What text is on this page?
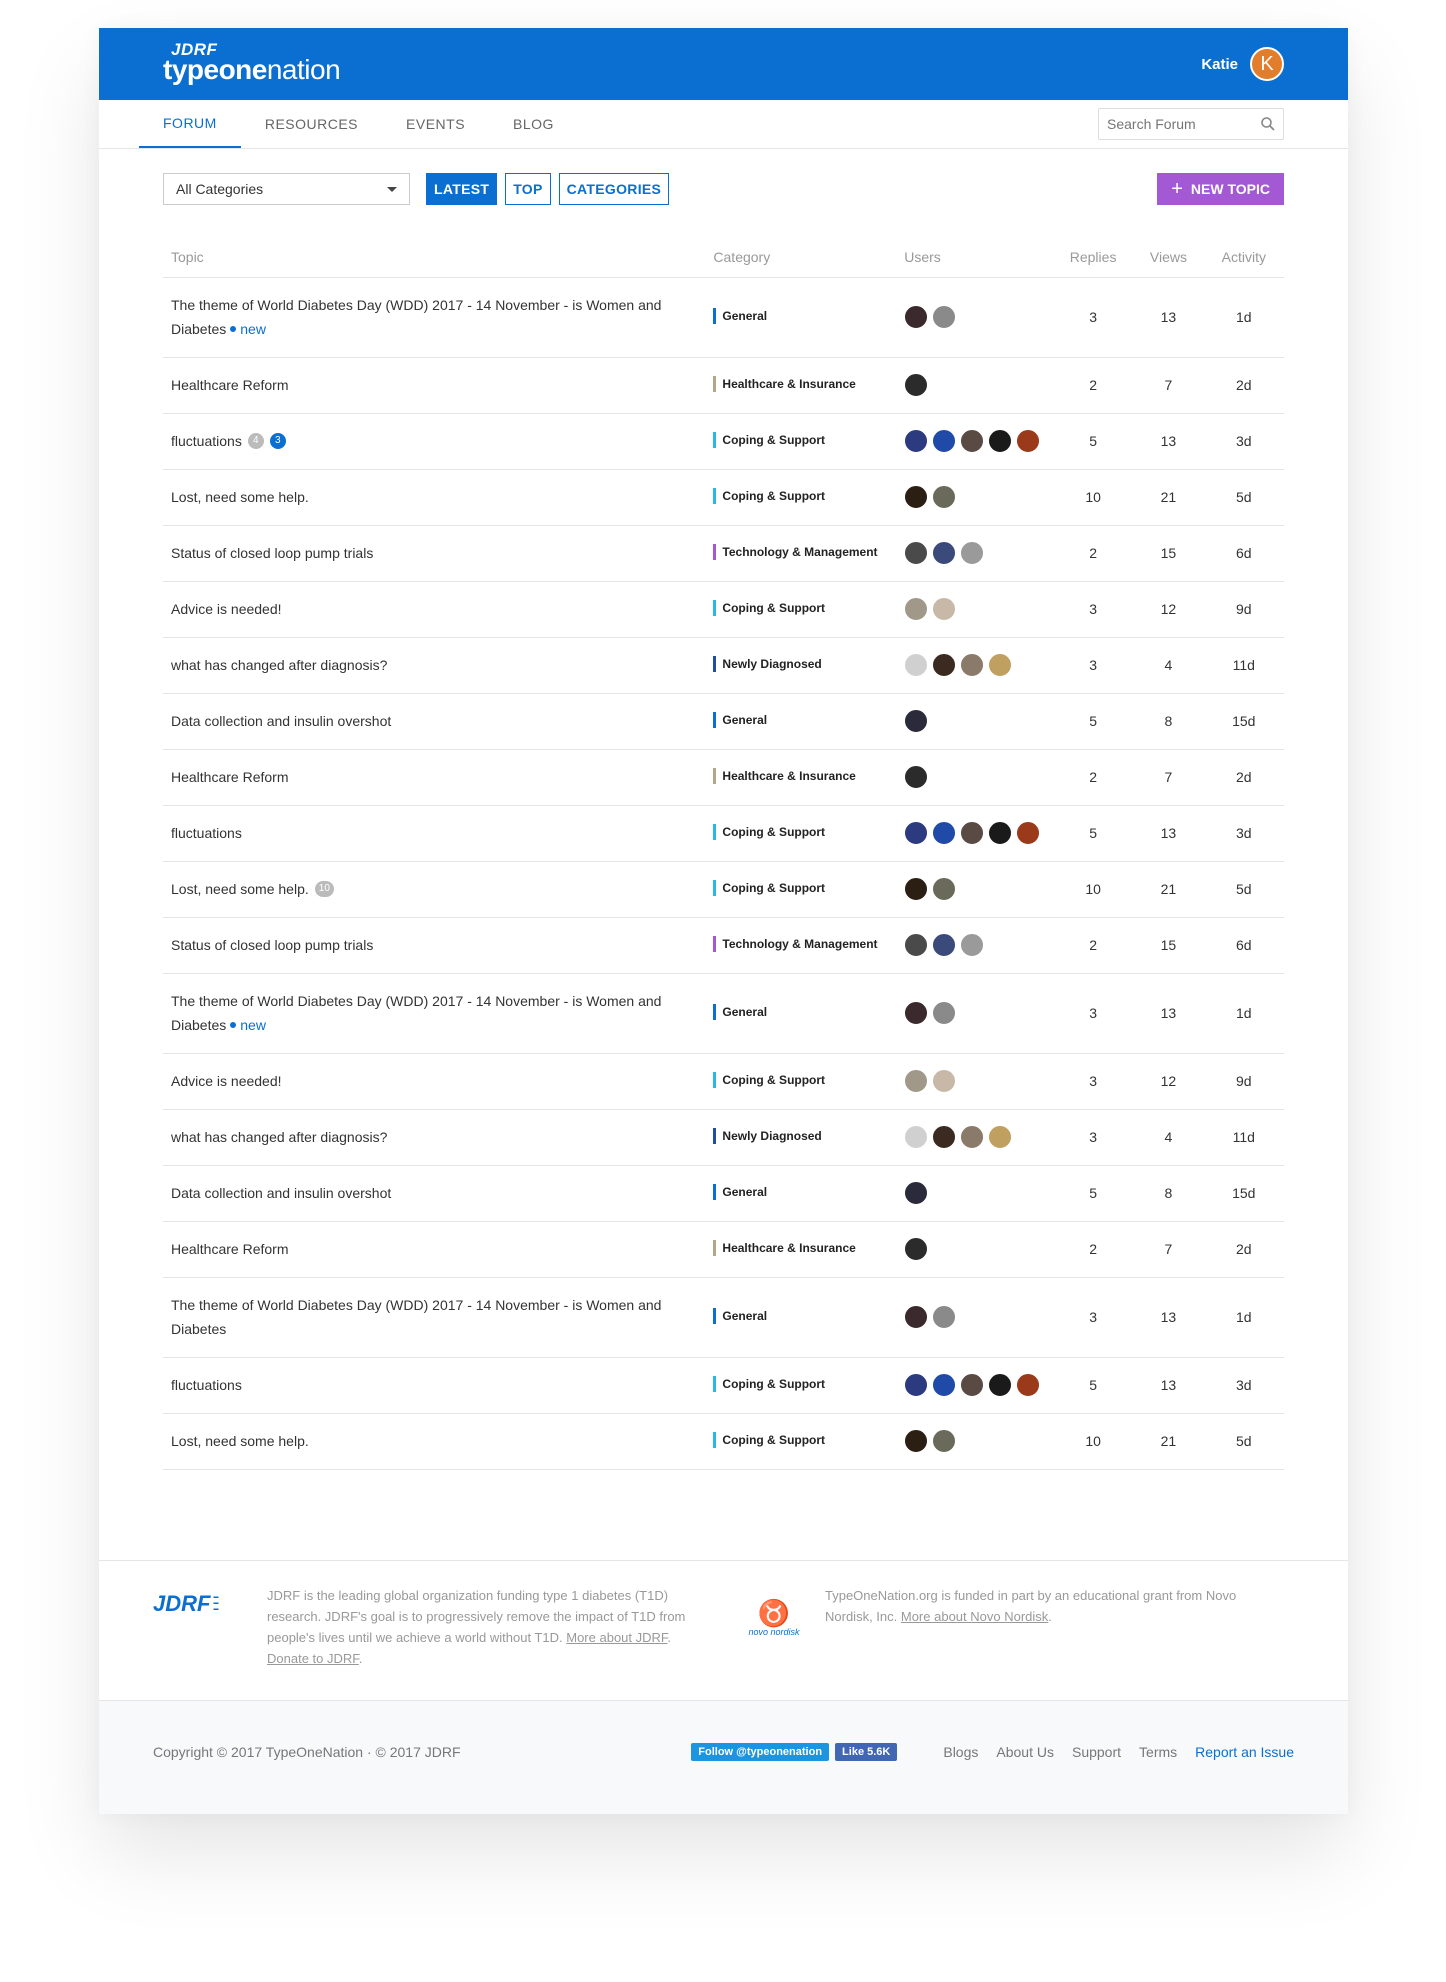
JDRF
typeonenation	Katie	K
FORUM	RESOURCES	EVENTS	BLOG
Search Forum
All Categories	LATEST	TOP	CATEGORIES	+ NEW TOPIC
Topic	Category	Users	Replies	Views	Activity
The theme of World Diabetes Day (WDD) 2017 - 14 November - is Women and Diabetes new	General		3	13	1d
Healthcare Reform	Healthcare & Insurance		2	7	2d
fluctuations 4 3	Coping & Support		5	13	3d
Lost, need some help.	Coping & Support		10	21	5d
Status of closed loop pump trials	Technology & Management		2	15	6d
Advice is needed!	Coping & Support		3	12	9d
what has changed after diagnosis?	Newly Diagnosed		3	4	11d
Data collection and insulin overshot	General		5	8	15d
Healthcare Reform	Healthcare & Insurance		2	7	2d
fluctuations	Coping & Support		5	13	3d
Lost, need some help. 10	Coping & Support		10	21	5d
Status of closed loop pump trials	Technology & Management		2	15	6d
The theme of World Diabetes Day (WDD) 2017 - 14 November - is Women and Diabetes new	General		3	13	1d
Advice is needed!	Coping & Support		3	12	9d
what has changed after diagnosis?	Newly Diagnosed		3	4	11d
Data collection and insulin overshot	General		5	8	15d
Healthcare Reform	Healthcare & Insurance		2	7	2d
The theme of World Diabetes Day (WDD) 2017 - 14 November - is Women and Diabetes	General		3	13	1d
fluctuations	Coping & Support		5	13	3d
Lost, need some help.	Coping & Support		10	21	5d
JDRF ▬
▬
▬
JDRF is the leading global organization funding type 1 diabetes (T1D) research. JDRF's goal is to progressively remove the impact of T1D from people's lives until we achieve a world without T1D. More about JDRF. Donate to JDRF.
♉
novo nordisk
TypeOneNation.org is funded in part by an educational grant from Novo Nordisk, Inc. More about Novo Nordisk.
Copyright © 2017 TypeOneNation · © 2017 JDRF	Follow @typeonenation	Like 5.6K	Blogs About Us Support Terms Report an Issue
